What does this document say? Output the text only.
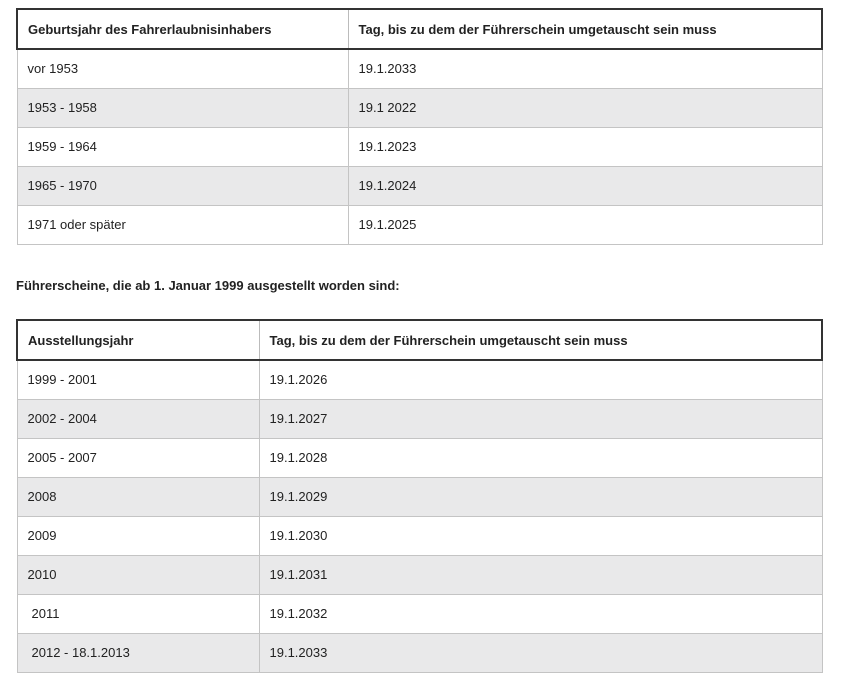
Geburtsjahr des Fahrerlaubnisinhabers	Tag, bis zu dem der Führerschein umgetauscht sein muss
vor 1953	19.1.2033
1953 - 1958	19.1 2022
1959 - 1964	19.1.2023
1965 - 1970	19.1.2024
1971 oder später	19.1.2025

Führerscheine, die ab 1. Januar 1999 ausgestellt worden sind:

Ausstellungsjahr	Tag, bis zu dem der Führerschein umgetauscht sein muss
1999 - 2001	19.1.2026
2002 - 2004	19.1.2027
2005 - 2007	19.1.2028
2008	19.1.2029
2009	19.1.2030
2010	19.1.2031
2011	19.1.2032
2012 - 18.1.2013	19.1.2033
